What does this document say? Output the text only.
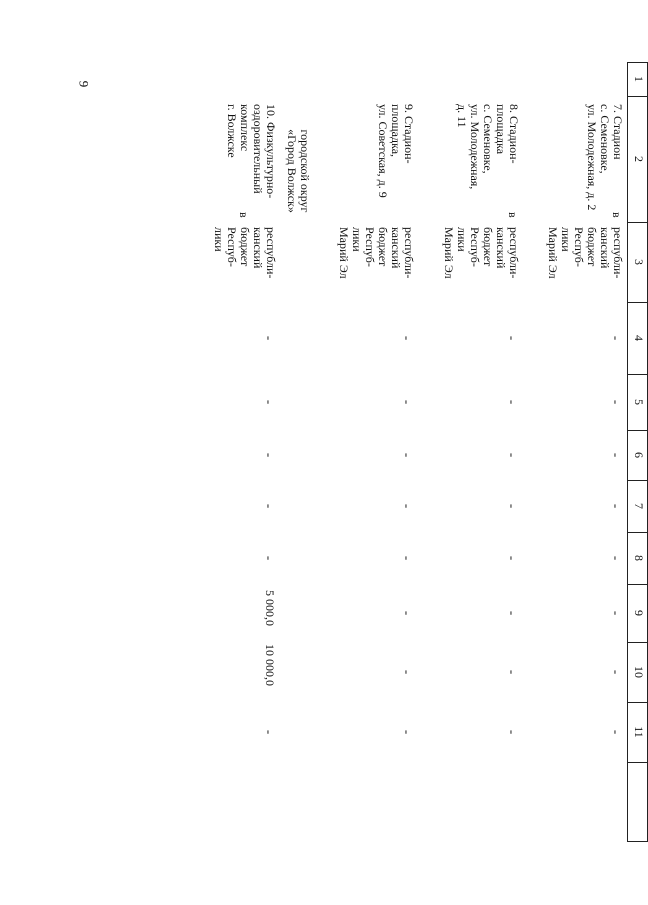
9
1
2
3
4
5
6
7
8
9
10
11
7. Стадион
с. Семеновке,
ул. Молодежная, д. 2
в
республи-
канский
бюджет
Респуб-
лики
Марий Эл
-
-
-
-
-
-
-
-
8. Стадион-
площадка
с. Семеновке,
ул. Молодежная,
д. 11
в
республи-
канский
бюджет
Респуб-
лики
Марий Эл
-
-
-
-
-
-
-
-
9. Стадион-
площадка,
ул. Советская, д. 9
республи-
канский
бюджет
Респуб-
лики
Марий Эл
-
-
-
-
-
-
-
-
городской округ
«Город Волжск»
10. Физкультурно-
оздоровительный
комплекс
г. Волжске
в
республи-
канский
бюджет
Респуб-
лики
-
-
-
-
-
5 000,0
10 000,0
-
